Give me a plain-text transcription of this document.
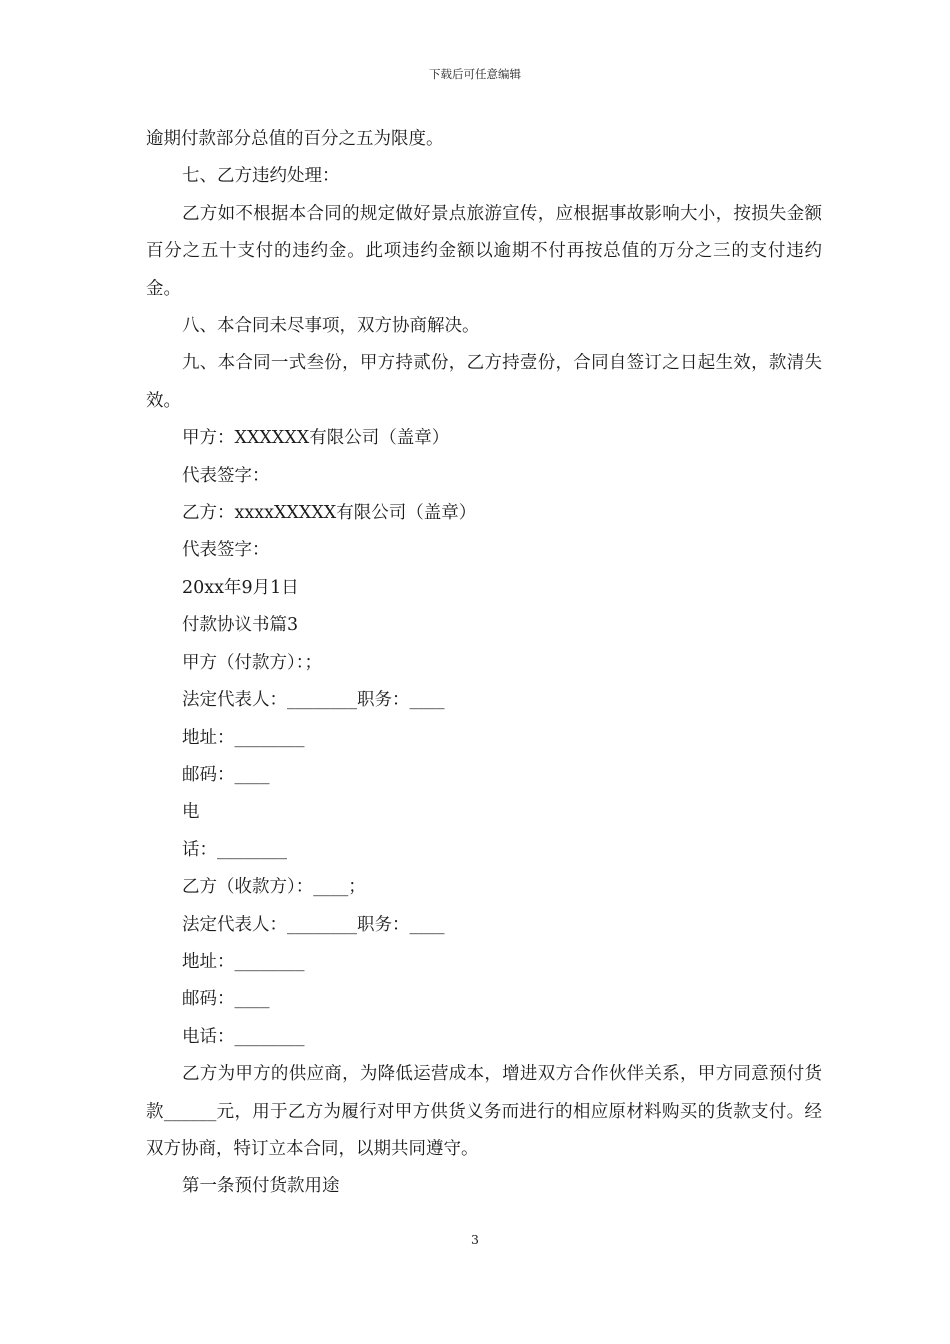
下载后可任意编辑

逾期付款部分总值的百分之五为限度。

七、乙方违约处理：

乙方如不根据本合同的规定做好景点旅游宣传，应根据事故影响大小，按损失金额百分之五十支付的违约金。此项违约金额以逾期不付再按总值的万分之三的支付违约金。

八、本合同未尽事项，双方协商解决。

九、本合同一式叁份，甲方持贰份，乙方持壹份，合同自签订之日起生效，款清失效。

甲方：XXXXXX有限公司（盖章）

代表签字：

乙方：xxxxXXXXX有限公司（盖章）

代表签字：

20xx年9月1日

付款协议书篇3

甲方（付款方）：；

法定代表人：________职务：____

地址：________

邮码：____

电

话：________

乙方（收款方）：____；

法定代表人：________职务：____

地址：________

邮码：____

电话：________

乙方为甲方的供应商，为降低运营成本，增进双方合作伙伴关系，甲方同意预付货款______元，用于乙方为履行对甲方供货义务而进行的相应原材料购买的货款支付。经双方协商，特订立本合同，以期共同遵守。

第一条预付货款用途

3
